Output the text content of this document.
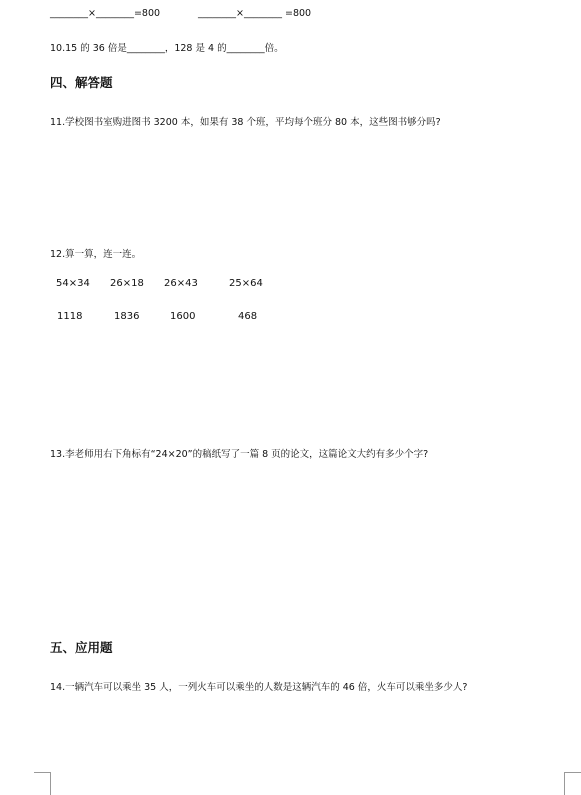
________×________=800	________×________ =800
10.15 的 36 倍是________，128 是 4 的________倍。
四、解答题
11.学校图书室购进图书 3200 本，如果有 38 个班，平均每个班分 80 本，这些图书够分吗?
12.算一算，连一连。
54×34 26×18 26×43	25×64
1118	1836	1600	468
13.李老师用右下角标有“24×20”的稿纸写了一篇 8 页的论文，这篇论文大约有多少个字?
五、应用题
14.一辆汽车可以乘坐 35 人，一列火车可以乘坐的人数是这辆汽车的 46 倍，火车可以乘坐多少人?
